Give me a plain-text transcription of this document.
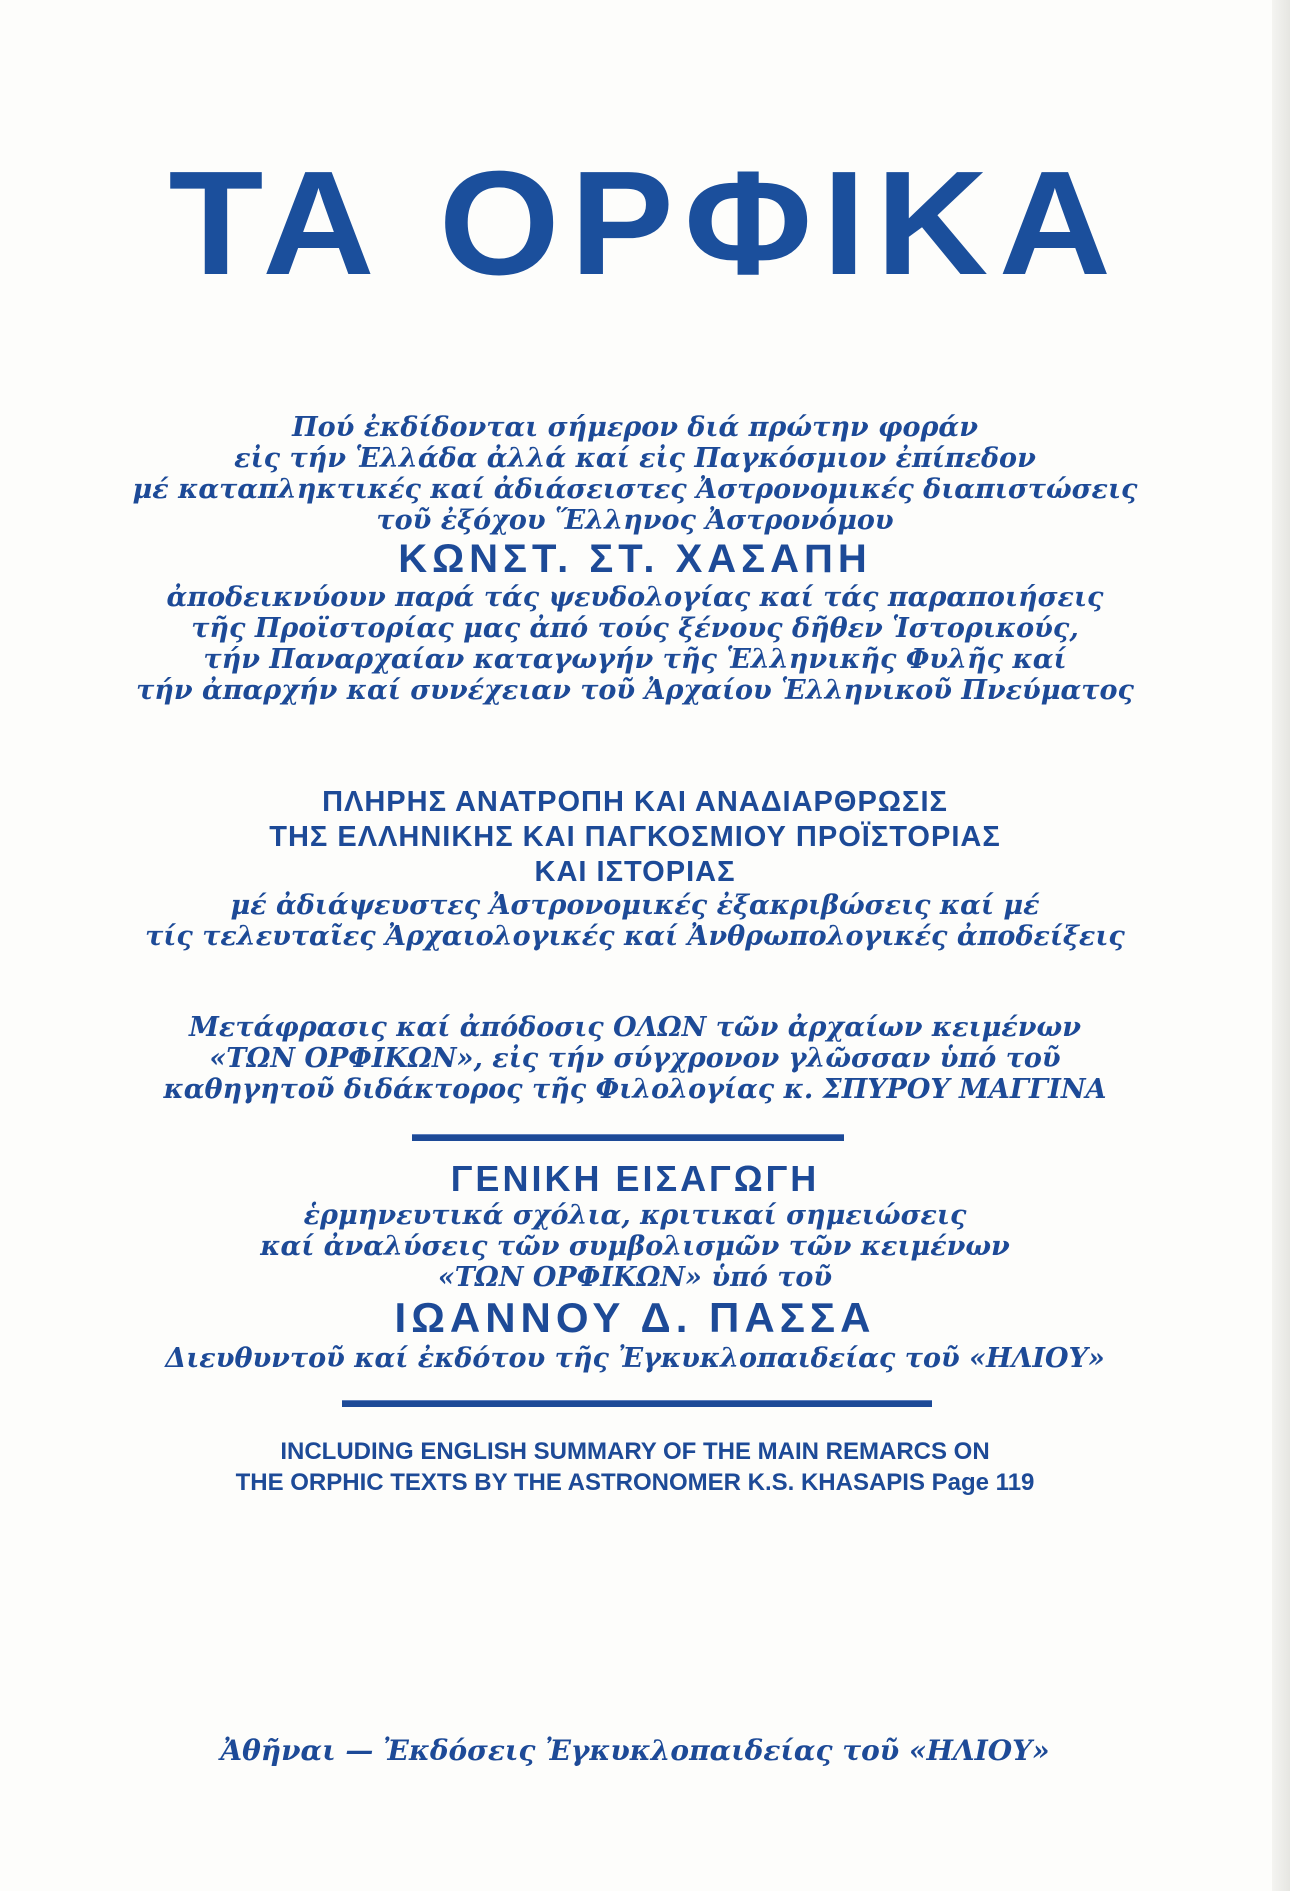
ΤΑ ΟΡΦΙΚΑ
Πού ἐκδίδονται σήμερον διά πρώτην φοράν
εἰς τήν Ἑλλάδα ἀλλά καί εἰς Παγκόσμιον ἐπίπεδον
μέ καταπληκτικές καί ἀδιάσειστες Ἀστρονομικές διαπιστώσεις
τοῦ ἐξόχου Ἕλληνος Ἀστρονόμου
ΚΩΝΣΤ. ΣΤ. ΧΑΣΑΠΗ
ἀποδεικνύουν παρά τάς ψευδολογίας καί τάς παραποιήσεις
τῆς Προϊστορίας μας ἀπό τούς ξένους δῆθεν Ἱστορικούς,
τήν Παναρχαίαν καταγωγήν τῆς Ἑλληνικῆς Φυλῆς καί
τήν ἀπαρχήν καί συνέχειαν τοῦ Ἀρχαίου Ἑλληνικοῦ Πνεύματος
ΠΛΗΡΗΣ ΑΝΑΤΡΟΠΗ ΚΑΙ ΑΝΑΔΙΑΡΘΡΩΣΙΣ
ΤΗΣ ΕΛΛΗΝΙΚΗΣ ΚΑΙ ΠΑΓΚΟΣΜΙΟΥ ΠΡΟΪΣΤΟΡΙΑΣ
ΚΑΙ ΙΣΤΟΡΙΑΣ
μέ ἀδιάψευστες Ἀστρονομικές ἐξακριβώσεις καί μέ
τίς τελευταῖες Ἀρχαιολογικές καί Ἀνθρωπολογικές ἀποδείξεις
Μετάφρασις καί ἀπόδοσις ΟΛΩΝ τῶν ἀρχαίων κειμένων
«ΤΩΝ ΟΡΦΙΚΩΝ», εἰς τήν σύγχρονον γλῶσσαν ὑπό τοῦ
καθηγητοῦ διδάκτορος τῆς Φιλολογίας κ. ΣΠΥΡΟΥ ΜΑΓΓΙΝΑ
ΓΕΝΙΚΗ ΕΙΣΑΓΩΓΗ
ἑρμηνευτικά σχόλια, κριτικαί σημειώσεις
καί ἀναλύσεις τῶν συμβολισμῶν τῶν κειμένων
«ΤΩΝ ΟΡΦΙΚΩΝ» ὑπό τοῦ
ΙΩΑΝΝΟΥ Δ. ΠΑΣΣΑ
Διευθυντοῦ καί ἐκδότου τῆς Ἐγκυκλοπαιδείας τοῦ «ΗΛΙΟΥ»
INCLUDING ENGLISH SUMMARY OF THE MAIN REMARCS ON
THE ORPHIC TEXTS BY THE ASTRONOMER K.S. KHASAPIS Page 119
Ἀθῆναι — Ἐκδόσεις Ἐγκυκλοπαιδείας τοῦ «ΗΛΙΟΥ»
